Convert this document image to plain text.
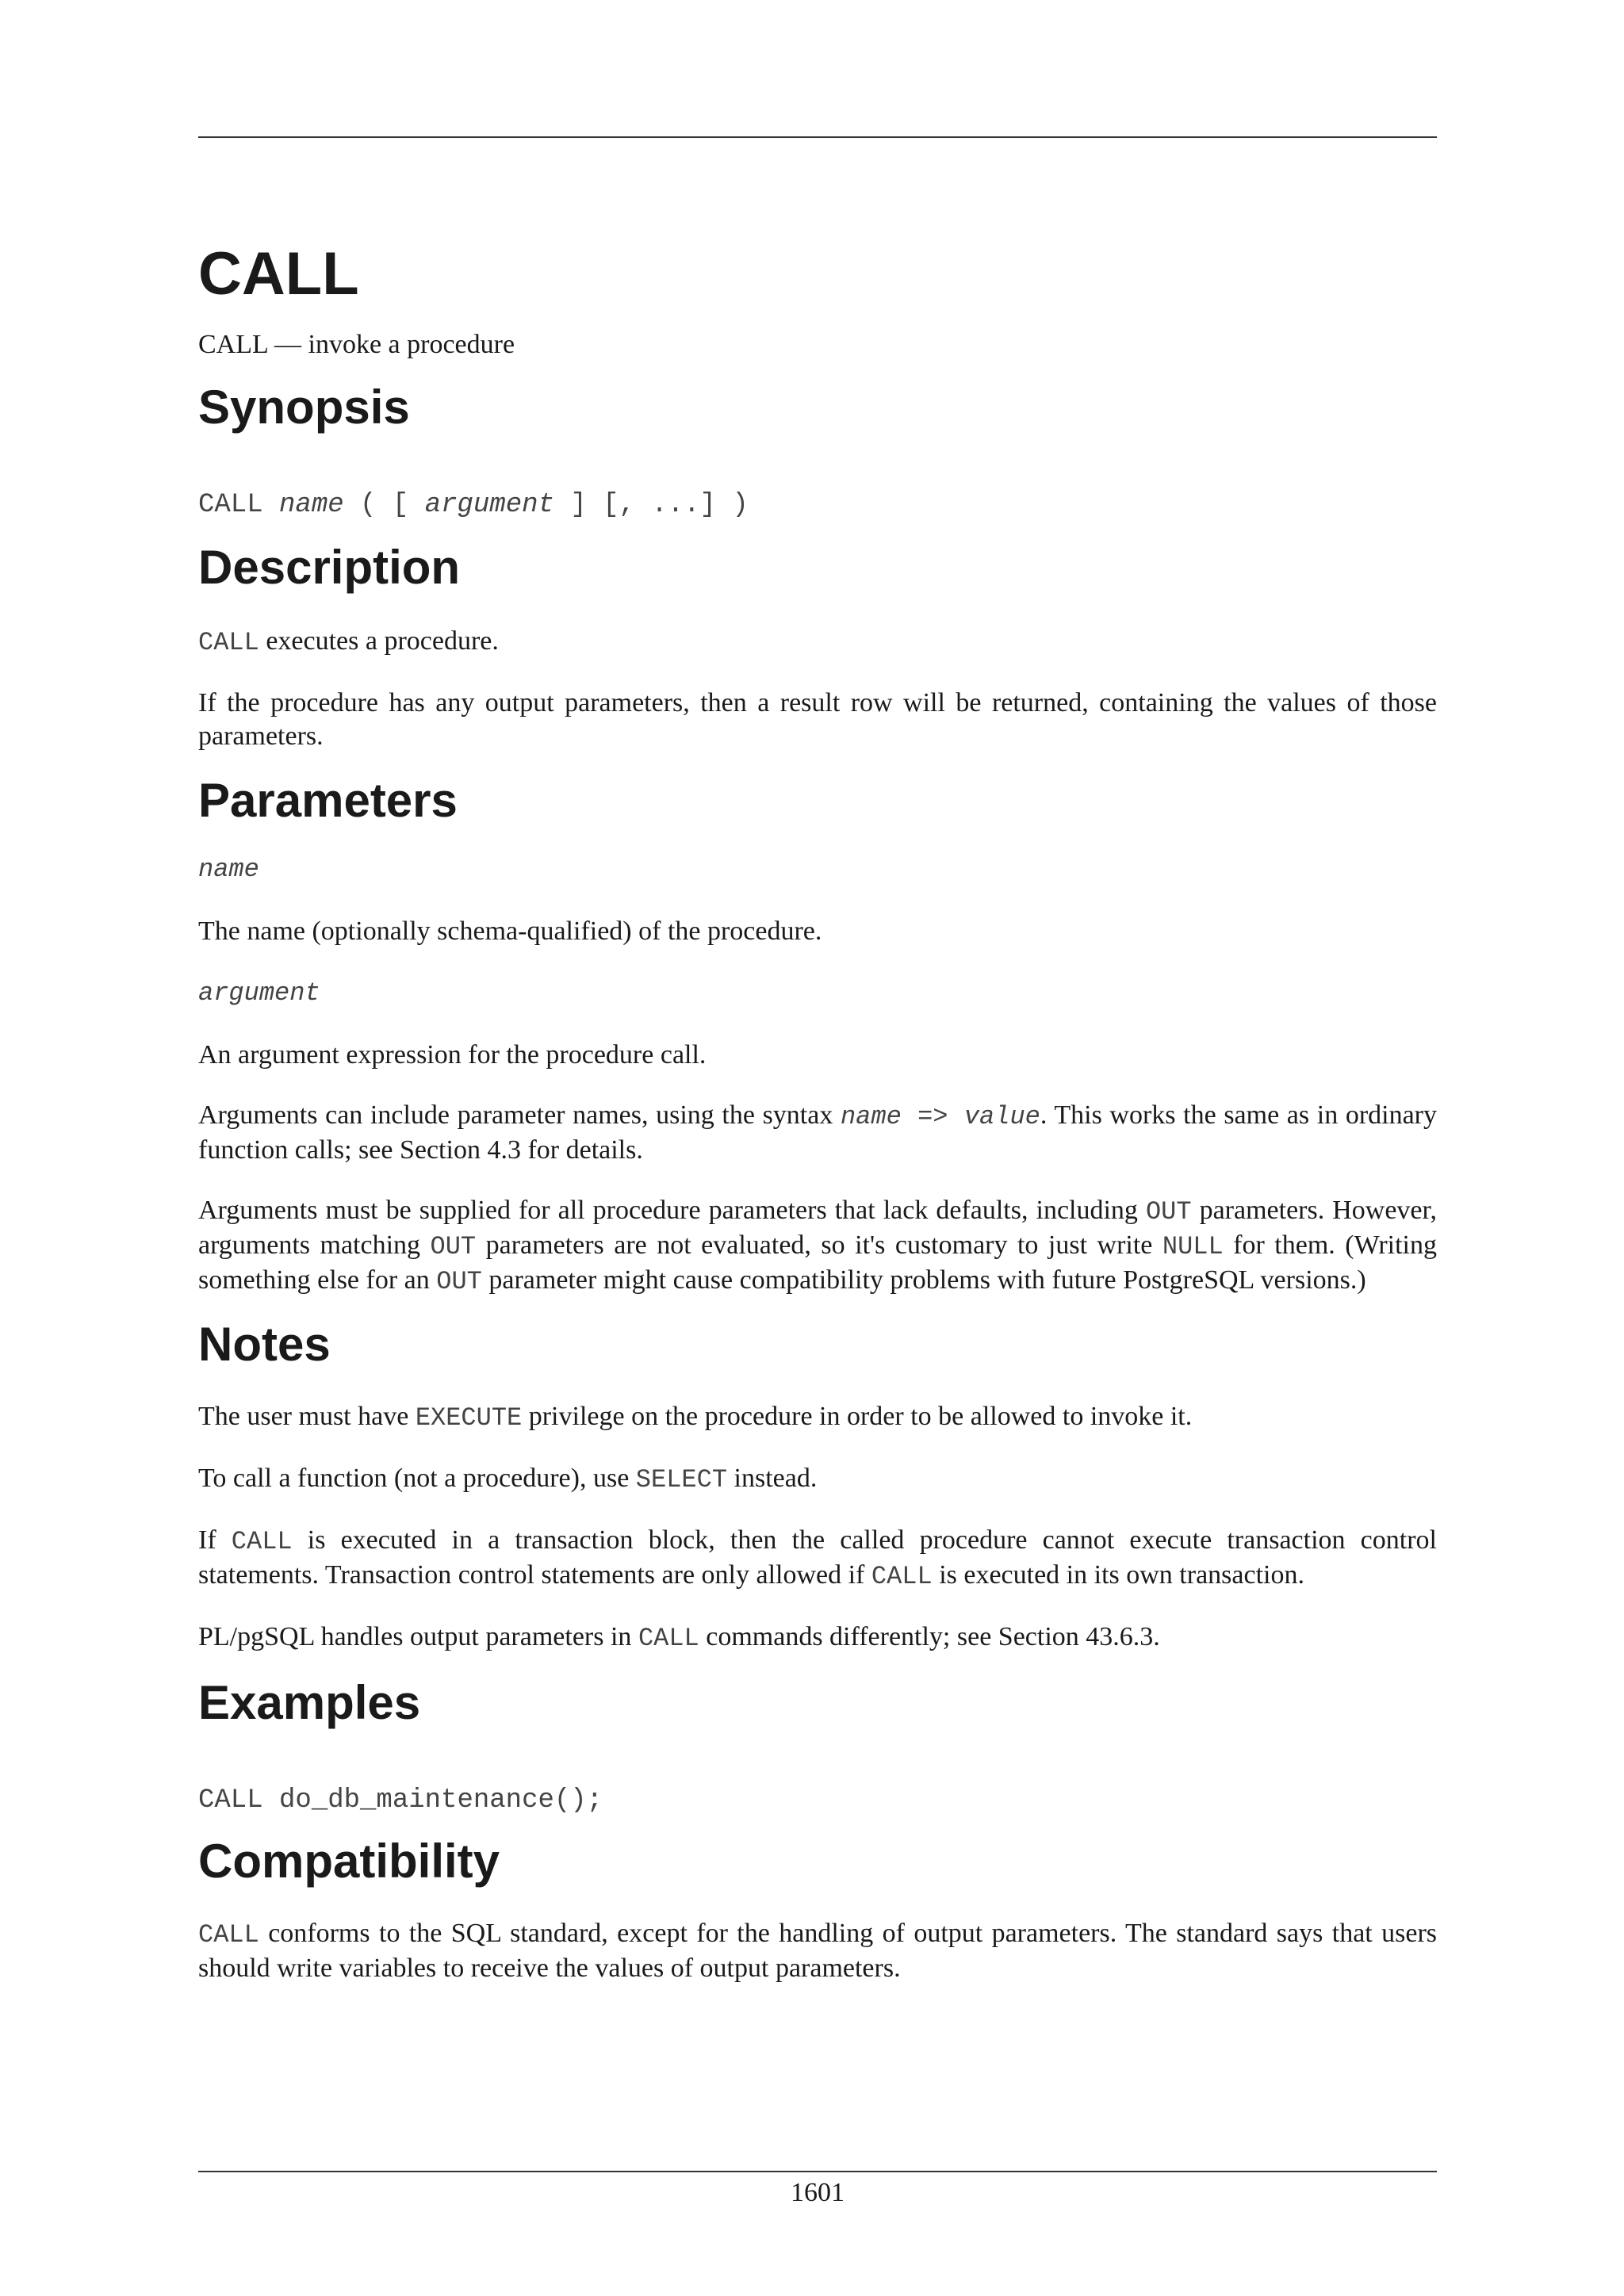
CALL

CALL — invoke a procedure

Synopsis
CALL name ( [ argument ] [, ...] )
Description

CALL executes a procedure.

If the procedure has any output parameters, then a result row will be returned, containing the values of those parameters.

Parameters
name

The name (optionally schema-qualified) of the procedure.

argument

An argument expression for the procedure call.

Arguments can include parameter names, using the syntax name => value. This works the same as in ordinary function calls; see Section 4.3 for details.

Arguments must be supplied for all procedure parameters that lack defaults, including OUT parameters. However, arguments matching OUT parameters are not evaluated, so it's customary to just write NULL for them. (Writing something else for an OUT parameter might cause compatibility problems with future PostgreSQL versions.)

Notes

The user must have EXECUTE privilege on the procedure in order to be allowed to invoke it.

To call a function (not a procedure), use SELECT instead.

If CALL is executed in a transaction block, then the called procedure cannot execute transaction control statements. Transaction control statements are only allowed if CALL is executed in its own transaction.

PL/pgSQL handles output parameters in CALL commands differently; see Section 43.6.3.

Examples
CALL do_db_maintenance();
Compatibility

CALL conforms to the SQL standard, except for the handling of output parameters. The standard says that users should write variables to receive the values of output parameters.

1601
